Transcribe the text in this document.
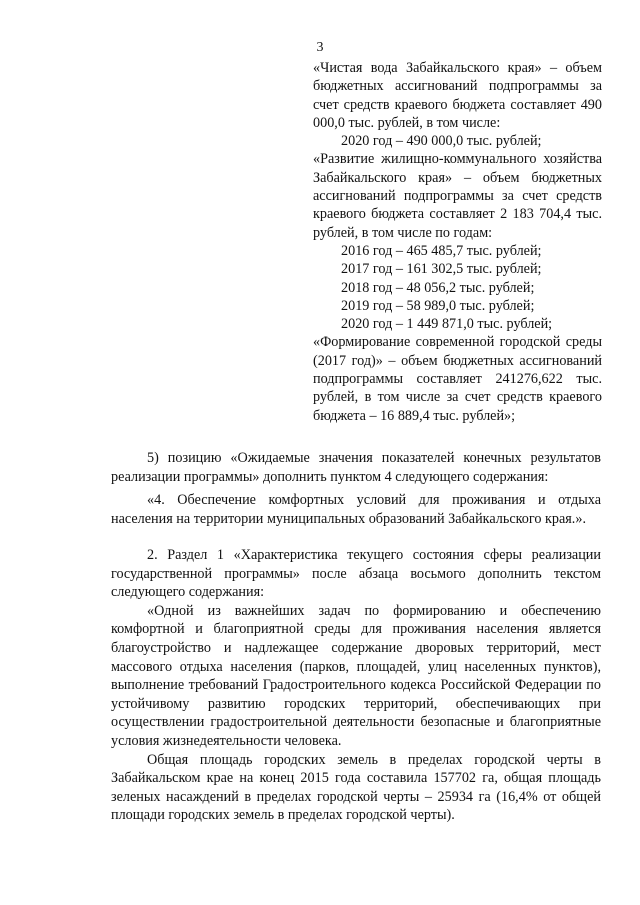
3

«Чистая вода Забайкальского края» – объем бюджетных ассигнований подпрограммы за счет средств краевого бюджета составляет 490 000,0 тыс. рублей, в том числе:

2020 год – 490 000,0 тыс. рублей;

«Развитие жилищно-коммунального хозяйства Забайкальского края» – объем бюджетных ассигнований подпрограммы за счет средств краевого бюджета составляет 2 183 704,4 тыс. рублей, в том числе по годам:

2016 год – 465 485,7 тыс. рублей;

2017 год – 161 302,5 тыс. рублей;

2018 год – 48 056,2 тыс. рублей;

2019 год – 58 989,0 тыс. рублей;

2020 год – 1 449 871,0 тыс. рублей;

«Формирование современной городской среды (2017 год)» – объем бюджетных ассигнований подпрограммы составляет 241276,622 тыс. рублей, в том числе за счет средств краевого бюджета – 16 889,4 тыс. рублей»;

5) позицию «Ожидаемые значения показателей конечных результатов реализации программы» дополнить пунктом 4 следующего содержания:

«4. Обеспечение комфортных условий для проживания и отдыха населения на территории муниципальных образований Забайкальского края.».

2. Раздел 1 «Характеристика текущего состояния сферы реализации государственной программы» после абзаца восьмого дополнить текстом следующего содержания:

«Одной из важнейших задач по формированию и обеспечению комфортной и благоприятной среды для проживания населения является благоустройство и надлежащее содержание дворовых территорий, мест массового отдыха населения (парков, площадей, улиц населенных пунктов), выполнение требований Градостроительного кодекса Российской Федерации по устойчивому развитию городских территорий, обеспечивающих при осуществлении градостроительной деятельности безопасные и благоприятные условия жизнедеятельности человека.

Общая площадь городских земель в пределах городской черты в Забайкальском крае на конец 2015 года составила 157702 га, общая площадь зеленых насаждений в пределах городской черты – 25934 га (16,4% от общей площади городских земель в пределах городской черты).
